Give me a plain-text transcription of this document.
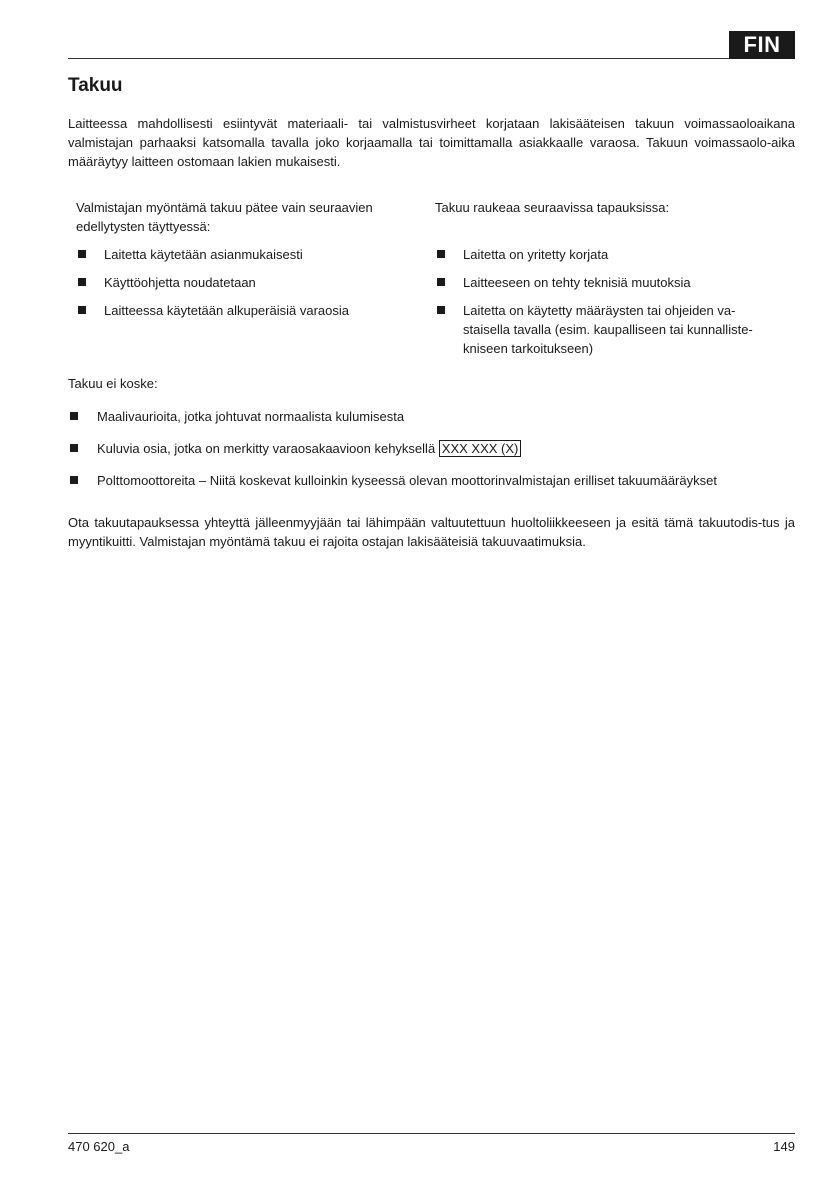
FIN
Takuu

Laitteessa mahdollisesti esiintyvät materiaali- tai valmistusvirheet korjataan lakisääteisen takuun voimassaoloaikana valmistajan parhaaksi katsomalla tavalla joko korjaamalla tai toimittamalla asiakkaalle varaosa. Takuun voimassaolo-aika määräytyy laitteen ostomaan lakien mukaisesti.

Valmistajan myöntämä takuu pätee vain seuraavien edellytysten täyttyessä:

Laitetta käytetään asianmukaisesti
Käyttöohjetta noudatetaan
Laitteessa käytetään alkuperäisiä varaosia

Takuu raukeaa seuraavissa tapauksissa:

Laitetta on yritetty korjata
Laitteeseen on tehty teknisiä muutoksia
Laitetta on käytetty määräysten tai ohjeiden va-staisella tavalla (esim. kaupalliseen tai kunnalliste-kniseen tarkoitukseen)

Takuu ei koske:

Maalivaurioita, jotka johtuvat normaalista kulumisesta
Kuluvia osia, jotka on merkitty varaosakaavioon kehyksellä XXX XXX (X)
Polttomoottoreita – Niitä koskevat kulloinkin kyseessä olevan moottorinvalmistajan erilliset takuumääräykset

Ota takuutapauksessa yhteyttä jälleenmyyjään tai lähimpään valtuutettuun huoltoliikkeeseen ja esitä tämä takuutodis-tus ja myyntikuitti. Valmistajan myöntämä takuu ei rajoita ostajan lakisääteisiä takuuvaatimuksia.

470 620_a	149
